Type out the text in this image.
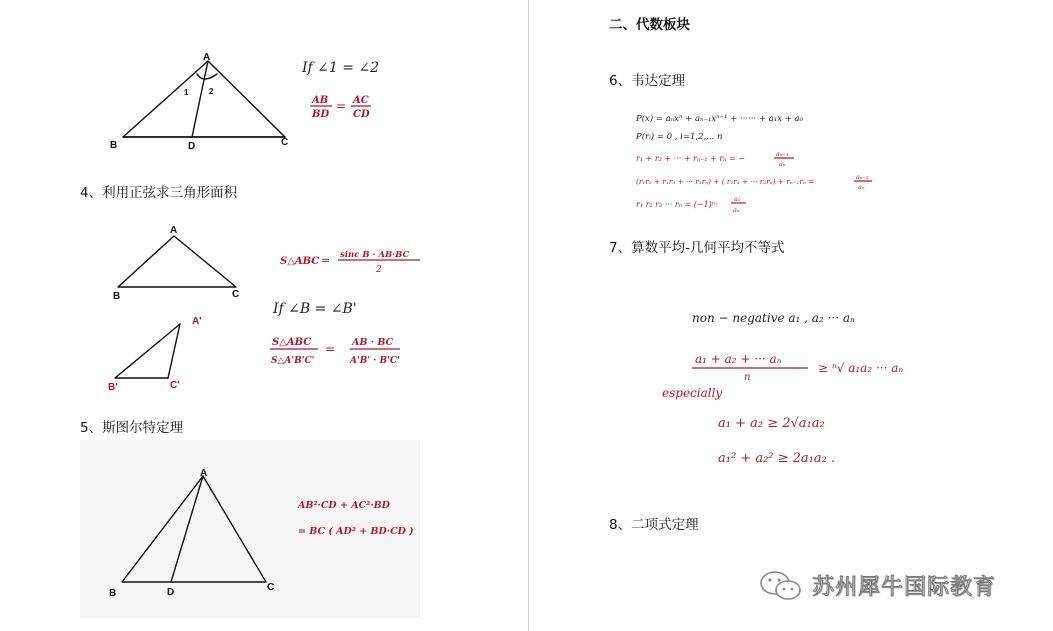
A
B	C
D
1	2
If ∠1 = ∠2
AB
BD
= AC
CD
4、利用正弦求三角形面积
A
B	C
A'
B'	C'
S△ABC = sinc B · AB·BC
2
If ∠B = ∠B'
S△ABC
S△A'B'C'
= AB · BC
A'B' · B'C'
5、斯图尔特定理
A
B
C
D
AB²·CD + AC²·BD
= BC ( AD² + BD·CD )
二、代数板块
6、韦达定理
P(x) = aₙxⁿ + aₙ₋₁xⁿ⁻¹ + ······ + a₁x + a₀
P(rᵢ) = 0 , i=1,2,... n
r₁ + r₂ + ··· + rₙ₋₁ + rₙ = −	aₙ₋₁
aₙ
(r₁r₂ + r₁r₃ + ··· r₁rₙ) + ( r₂r₃ + ··· r₂rₙ) + rₙ₋₁rₙ =	aₙ₋₂
aₙ
r₁ r₂ r₃ ··· rₙ = (−1)ⁿ·
a₀
aₙ
7、算数平均-几何平均不等式
non − negative a₁ , a₂ ··· aₙ
a₁ + a₂ + ··· aₙ
n
≥ ⁿ√ a₁a₂ ··· aₙ
especially
a₁ + a₂ ≥ 2√a₁a₂
a₁² + a₂² ≥ 2a₁a₂ .
8、二项式定理
苏州犀牛国际教育
